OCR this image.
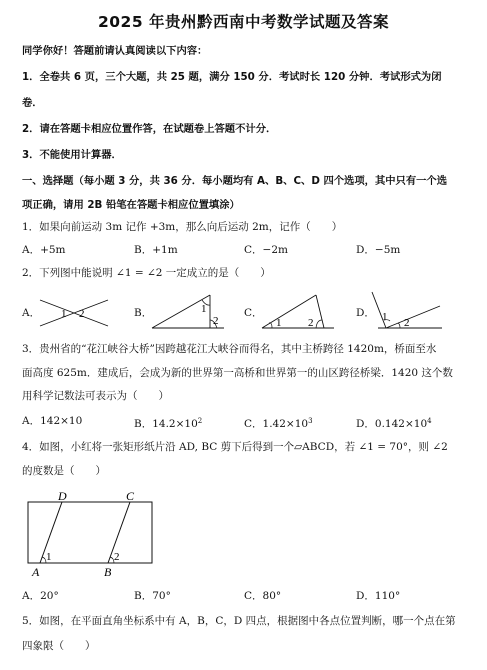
2025 年贵州黔西南中考数学试题及答案
同学你好！答题前请认真阅读以下内容：
1．全卷共 6 页，三个大题，共 25 题，满分 150 分．考试时长 120 分钟．考试形式为闭
卷．
2．请在答题卡相应位置作答，在试题卷上答题不计分．
3．不能使用计算器．
一、选择题（每小题 3 分，共 36 分．每小题均有 A、B、C、D 四个选项，其中只有一个选
项正确，请用 2B 铅笔在答题卡相应位置填涂）
1．如果向前运动 3m 记作 +3m，那么向后运动 2m，记作（　　）
A．+5m	B．+1m	C．−2m	D．−5m
2．下列图中能说明 ∠1 = ∠2 一定成立的是（　　）
A．	B．	C．	D．
1 2	1
2	1 2	1 2
3．贵州省的“花江峡谷大桥”因跨越花江大峡谷而得名，其中主桥跨径 1420m，桥面至水
面高度 625m．建成后，会成为新的世界第一高桥和世界第一的山区跨径桥梁．1420 这个数
用科学记数法可表示为（　　）
A．142×10	B．$14.2\times 10^2$	C．$1.42\times 10^3$	D．$0.142\times 10^4$
4．如图，小红将一张矩形纸片沿 AD, BC 剪下后得到一个▱ABCD，若 ∠1 = 70°，则 ∠2
的度数是（　　）
D	C
A	B
1	2
A．20°	B．70°	C．80°	D．110°
5．如图，在平面直角坐标系中有 A，B，C，D 四点，根据图中各点位置判断，哪一个点在第
四象限（　　）
